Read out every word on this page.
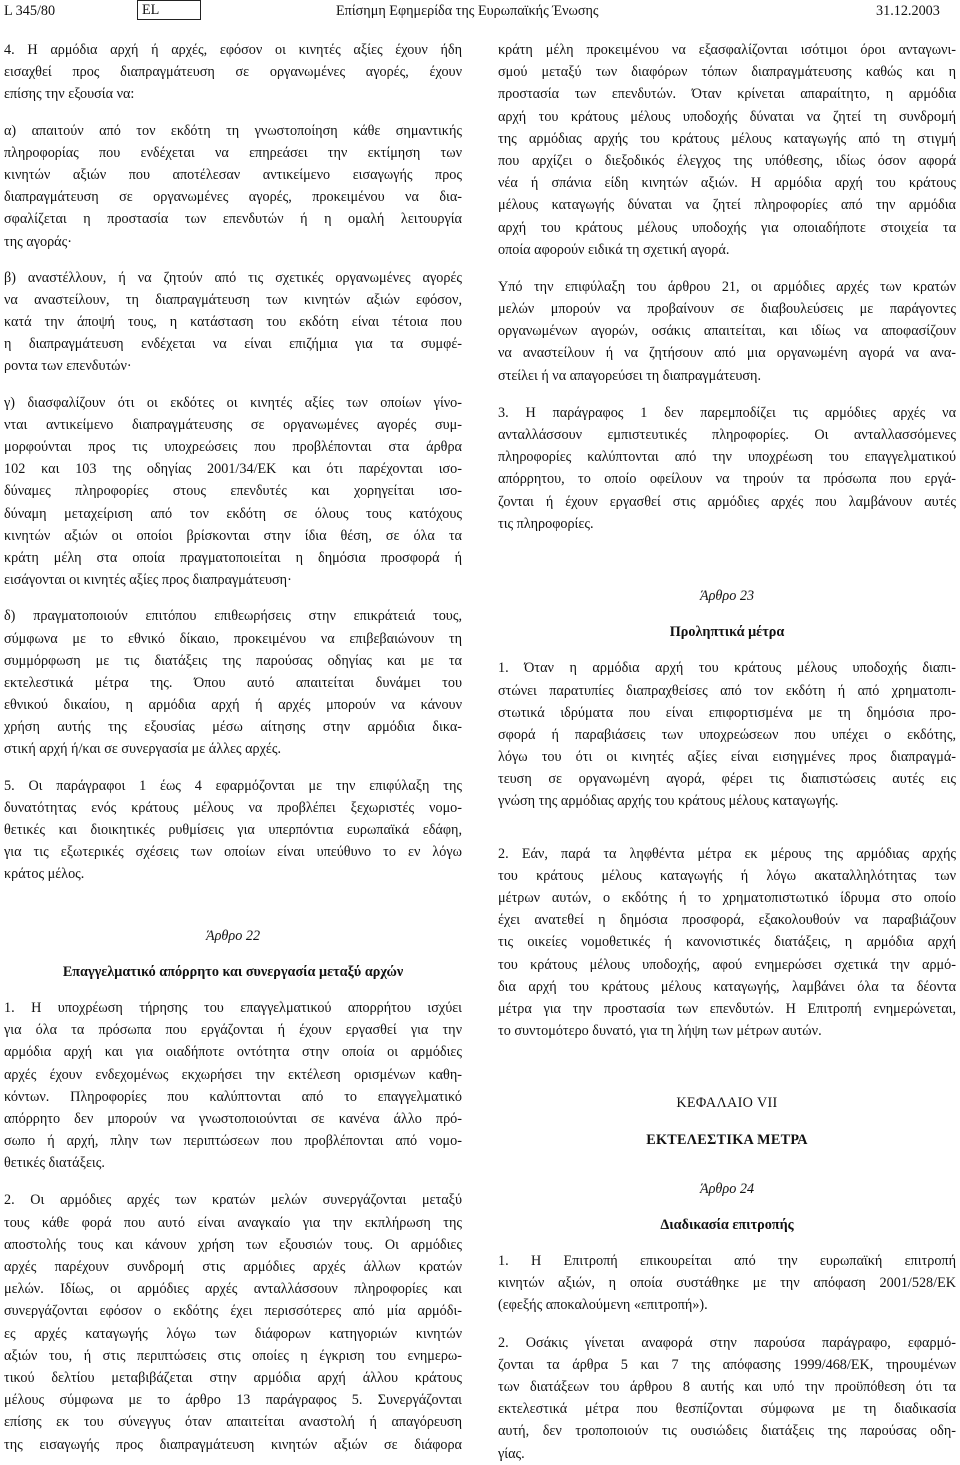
L 345/80	EL	Επίσημη Εφημερίδα της Ευρωπαϊκής Ένωσης	31.12.2003
4. Η αρμόδια αρχή ή αρχές, εφόσον οι κινητές αξίες έχουν ήδη
εισαχθεί προς διαπραγμάτευση σε οργανωμένες αγορές, έχουν
επίσης την εξουσία να:
α) απαιτούν από τον εκδότη τη γνωστοποίηση κάθε σημαντικής
πληροφορίας που ενδέχεται να επηρεάσει την εκτίμηση των
κινητών αξιών που αποτέλεσαν αντικείμενο εισαγωγής προς
διαπραγμάτευση σε οργανωμένες αγορές, προκειμένου να δια-
σφαλίζεται η προστασία των επενδυτών ή η ομαλή λειτουργία
της αγοράς·
β) αναστέλλουν, ή να ζητούν από τις σχετικές οργανωμένες αγορές
να αναστείλουν, τη διαπραγμάτευση των κινητών αξιών εφόσον,
κατά την άποψή τους, η κατάσταση του εκδότη είναι τέτοια που
η διαπραγμάτευση ενδέχεται να είναι επιζήμια για τα συμφέ-
ροντα των επενδυτών·
γ) διασφαλίζουν ότι οι εκδότες οι κινητές αξίες των οποίων γίνο-
νται αντικείμενο διαπραγμάτευσης σε οργανωμένες αγορές συμ-
μορφούνται προς τις υποχρεώσεις που προβλέπονται στα άρθρα
102 και 103 της οδηγίας 2001/34/ΕΚ και ότι παρέχονται ισο-
δύναμες πληροφορίες στους επενδυτές και χορηγείται ισο-
δύναμη μεταχείριση από τον εκδότη σε όλους τους κατόχους
κινητών αξιών οι οποίοι βρίσκονται στην ίδια θέση, σε όλα τα
κράτη μέλη στα οποία πραγματοποιείται η δημόσια προσφορά ή
εισάγονται οι κινητές αξίες προς διαπραγμάτευση·
δ) πραγματοποιούν επιτόπου επιθεωρήσεις στην επικράτειά τους,
σύμφωνα με το εθνικό δίκαιο, προκειμένου να επιβεβαιώνουν τη
συμμόρφωση με τις διατάξεις της παρούσας οδηγίας και με τα
εκτελεστικά μέτρα της. Όπου αυτό απαιτείται δυνάμει του
εθνικού δικαίου, η αρμόδια αρχή ή αρχές μπορούν να κάνουν
χρήση αυτής της εξουσίας μέσω αίτησης στην αρμόδια δικα-
στική αρχή ή/και σε συνεργασία με άλλες αρχές.
5. Οι παράγραφοι 1 έως 4 εφαρμόζονται με την επιφύλαξη της
δυνατότητας ενός κράτους μέλους να προβλέπει ξεχωριστές νομο-
θετικές και διοικητικές ρυθμίσεις για υπερπόντια ευρωπαϊκά εδάφη,
για τις εξωτερικές σχέσεις των οποίων είναι υπεύθυνο το εν λόγω
κράτος μέλος.
Άρθρο 22
Επαγγελματικό απόρρητο και συνεργασία μεταξύ αρχών
1. Η υποχρέωση τήρησης του επαγγελματικού απορρήτου ισχύει
για όλα τα πρόσωπα που εργάζονται ή έχουν εργασθεί για την
αρμόδια αρχή και για οιαδήποτε οντότητα στην οποία οι αρμόδιες
αρχές έχουν ενδεχομένως εκχωρήσει την εκτέλεση ορισμένων καθη-
κόντων. Πληροφορίες που καλύπτονται από το επαγγελματικό
απόρρητο δεν μπορούν να γνωστοποιούνται σε κανένα άλλο πρό-
σωπο ή αρχή, πλην των περιπτώσεων που προβλέπονται από νομο-
θετικές διατάξεις.
2. Οι αρμόδιες αρχές των κρατών μελών συνεργάζονται μεταξύ
τους κάθε φορά που αυτό είναι αναγκαίο για την εκπλήρωση της
αποστολής τους και κάνουν χρήση των εξουσιών τους. Οι αρμόδιες
αρχές παρέχουν συνδρομή στις αρμόδιες αρχές άλλων κρατών
μελών. Ιδίως, οι αρμόδιες αρχές ανταλλάσσουν πληροφορίες και
συνεργάζονται εφόσον ο εκδότης έχει περισσότερες από μία αρμόδι-
ες αρχές καταγωγής λόγω των διάφορων κατηγοριών κινητών
αξιών του, ή στις περιπτώσεις στις οποίες η έγκριση του ενημερω-
τικού δελτίου μεταβιβάζεται στην αρμόδια αρχή άλλου κράτους
μέλους σύμφωνα με το άρθρο 13 παράγραφος 5. Συνεργάζονται
επίσης εκ του σύνεγγυς όταν απαιτείται αναστολή ή απαγόρευση
της εισαγωγής προς διαπραγμάτευση κινητών αξιών σε διάφορα
κράτη μέλη προκειμένου να εξασφαλίζονται ισότιμοι όροι ανταγωνι-
σμού μεταξύ των διαφόρων τόπων διαπραγμάτευσης καθώς και η
προστασία των επενδυτών. Όταν κρίνεται απαραίτητο, η αρμόδια
αρχή του κράτους μέλους υποδοχής δύναται να ζητεί τη συνδρομή
της αρμόδιας αρχής του κράτους μέλους καταγωγής από τη στιγμή
που αρχίζει ο διεξοδικός έλεγχος της υπόθεσης, ιδίως όσον αφορά
νέα ή σπάνια είδη κινητών αξιών. Η αρμόδια αρχή του κράτους
μέλους καταγωγής δύναται να ζητεί πληροφορίες από την αρμόδια
αρχή του κράτους μέλους υποδοχής για οποιαδήποτε στοιχεία τα
οποία αφορούν ειδικά τη σχετική αγορά.
Υπό την επιφύλαξη του άρθρου 21, οι αρμόδιες αρχές των κρατών
μελών μπορούν να προβαίνουν σε διαβουλεύσεις με παράγοντες
οργανωμένων αγορών, οσάκις απαιτείται, και ιδίως να αποφασίζουν
να αναστείλουν ή να ζητήσουν από μια οργανωμένη αγορά να ανα-
στείλει ή να απαγορεύσει τη διαπραγμάτευση.
3. Η παράγραφος 1 δεν παρεμποδίζει τις αρμόδιες αρχές να
ανταλλάσσουν εμπιστευτικές πληροφορίες. Οι ανταλλασσόμενες
πληροφορίες καλύπτονται από την υποχρέωση του επαγγελματικού
απόρρητου, το οποίο οφείλουν να τηρούν τα πρόσωπα που εργά-
ζονται ή έχουν εργασθεί στις αρμόδιες αρχές που λαμβάνουν αυτές
τις πληροφορίες.
Άρθρο 23
Προληπτικά μέτρα
1. Όταν η αρμόδια αρχή του κράτους μέλους υποδοχής διαπι-
στώνει παρατυπίες διαπραχθείσες από τον εκδότη ή από χρηματοπι-
στωτικά ιδρύματα που είναι επιφορτισμένα με τη δημόσια προ-
σφορά ή παραβιάσεις των υποχρεώσεων που υπέχει ο εκδότης,
λόγω του ότι οι κινητές αξίες είναι εισηγμένες προς διαπραγμά-
τευση σε οργανωμένη αγορά, φέρει τις διαπιστώσεις αυτές εις
γνώση της αρμόδιας αρχής του κράτους μέλους καταγωγής.
2. Εάν, παρά τα ληφθέντα μέτρα εκ μέρους της αρμόδιας αρχής
του κράτους μέλους καταγωγής ή λόγω ακαταλληλότητας των
μέτρων αυτών, ο εκδότης ή το χρηματοπιστωτικό ίδρυμα στο οποίο
έχει ανατεθεί η δημόσια προσφορά, εξακολουθούν να παραβιάζουν
τις οικείες νομοθετικές ή κανονιστικές διατάξεις, η αρμόδια αρχή
του κράτους μέλους υποδοχής, αφού ενημερώσει σχετικά την αρμό-
δια αρχή του κράτους μέλους καταγωγής, λαμβάνει όλα τα δέοντα
μέτρα για την προστασία των επενδυτών. Η Επιτροπή ενημερώνεται,
το συντομότερο δυνατό, για τη λήψη των μέτρων αυτών.
ΚΕΦΑΛΑΙΟ VII
ΕΚΤΕΛΕΣΤΙΚΑ ΜΕΤΡΑ
Άρθρο 24
Διαδικασία επιτροπής
1. Η Επιτροπή επικουρείται από την ευρωπαϊκή επιτροπή
κινητών αξιών, η οποία συστάθηκε με την απόφαση 2001/528/ΕΚ
(εφεξής αποκαλούμενη «επιτροπή»).
2. Οσάκις γίνεται αναφορά στην παρούσα παράγραφο, εφαρμό-
ζονται τα άρθρα 5 και 7 της απόφασης 1999/468/ΕΚ, τηρουμένων
των διατάξεων του άρθρου 8 αυτής και υπό την προϋπόθεση ότι τα
εκτελεστικά μέτρα που θεσπίζονται σύμφωνα με τη διαδικασία
αυτή, δεν τροποποιούν τις ουσιώδεις διατάξεις της παρούσας οδη-
γίας.
